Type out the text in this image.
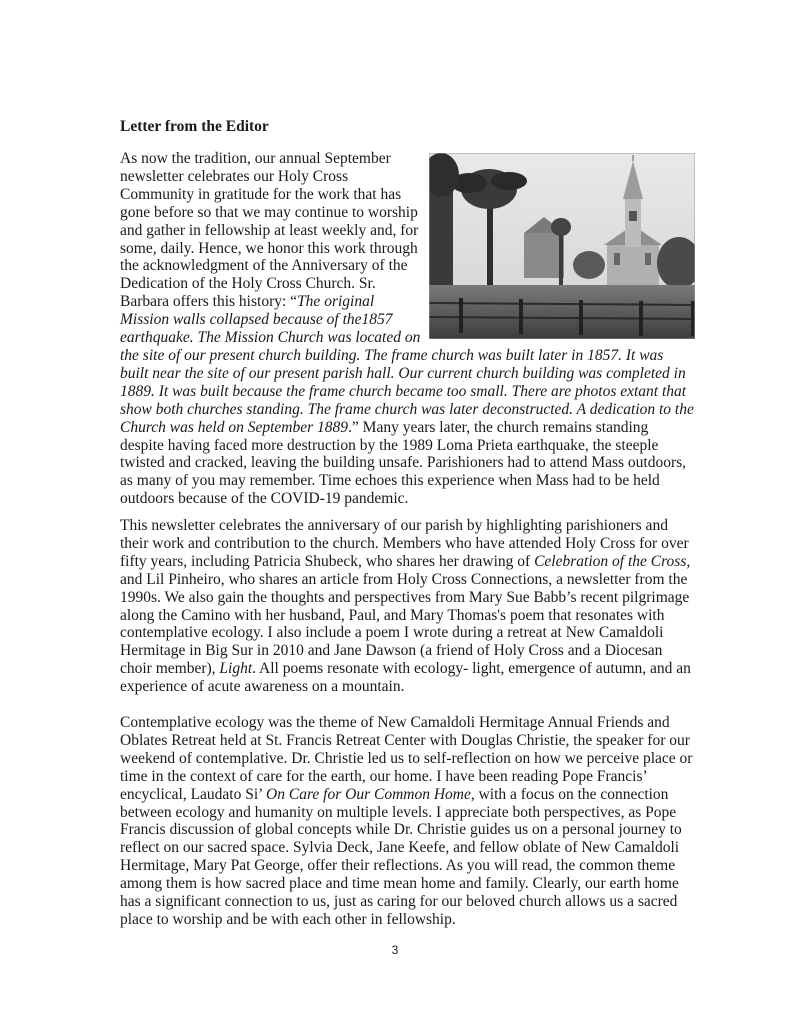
Letter from the Editor

As now the tradition, our annual September newsletter celebrates our Holy Cross Community in gratitude for the work that has gone before so that we may continue to worship and gather in fellowship at least weekly and, for some, daily. Hence, we honor this work through the acknowledgment of the Anniversary of the Dedication of the Holy Cross Church. Sr. Barbara offers this history: “The original Mission walls collapsed because of the1857 earthquake. The Mission Church was located on the site of our present church building. The frame church was built later in 1857. It was built near the site of our present parish hall. Our current church building was completed in 1889. It was built because the frame church became too small. There are photos extant that show both churches standing. The frame church was later deconstructed. A dedication to the Church was held on September 1889.” Many years later, the church remains standing despite having faced more destruction by the 1989 Loma Prieta earthquake, the steeple twisted and cracked, leaving the building unsafe. Parishioners had to attend Mass outdoors, as many of you may remember. Time echoes this experience when Mass had to be held outdoors because of the COVID-19 pandemic.

This newsletter celebrates the anniversary of our parish by highlighting parishioners and their work and contribution to the church. Members who have attended Holy Cross for over fifty years, including Patricia Shubeck, who shares her drawing of Celebration of the Cross, and Lil Pinheiro, who shares an article from Holy Cross Connections, a newsletter from the 1990s. We also gain the thoughts and perspectives from Mary Sue Babb’s recent pilgrimage along the Camino with her husband, Paul, and Mary Thomas's poem that resonates with contemplative ecology. I also include a poem I wrote during a retreat at New Camaldoli Hermitage in Big Sur in 2010 and Jane Dawson (a friend of Holy Cross and a Diocesan choir member), Light. All poems resonate with ecology- light, emergence of autumn, and an experience of acute awareness on a mountain.

Contemplative ecology was the theme of New Camaldoli Hermitage Annual Friends and Oblates Retreat held at St. Francis Retreat Center with Douglas Christie, the speaker for our weekend of contemplative. Dr. Christie led us to self-reflection on how we perceive place or time in the context of care for the earth, our home. I have been reading Pope Francis’ encyclical, Laudato Si’ On Care for Our Common Home, with a focus on the connection between ecology and humanity on multiple levels. I appreciate both perspectives, as Pope Francis discussion of global concepts while Dr. Christie guides us on a personal journey to reflect on our sacred space. Sylvia Deck, Jane Keefe, and fellow oblate of New Camaldoli Hermitage, Mary Pat George, offer their reflections. As you will read, the common theme among them is how sacred place and time mean home and family. Clearly, our earth home has a significant connection to us, just as caring for our beloved church allows us a sacred place to worship and be with each other in fellowship.

3
